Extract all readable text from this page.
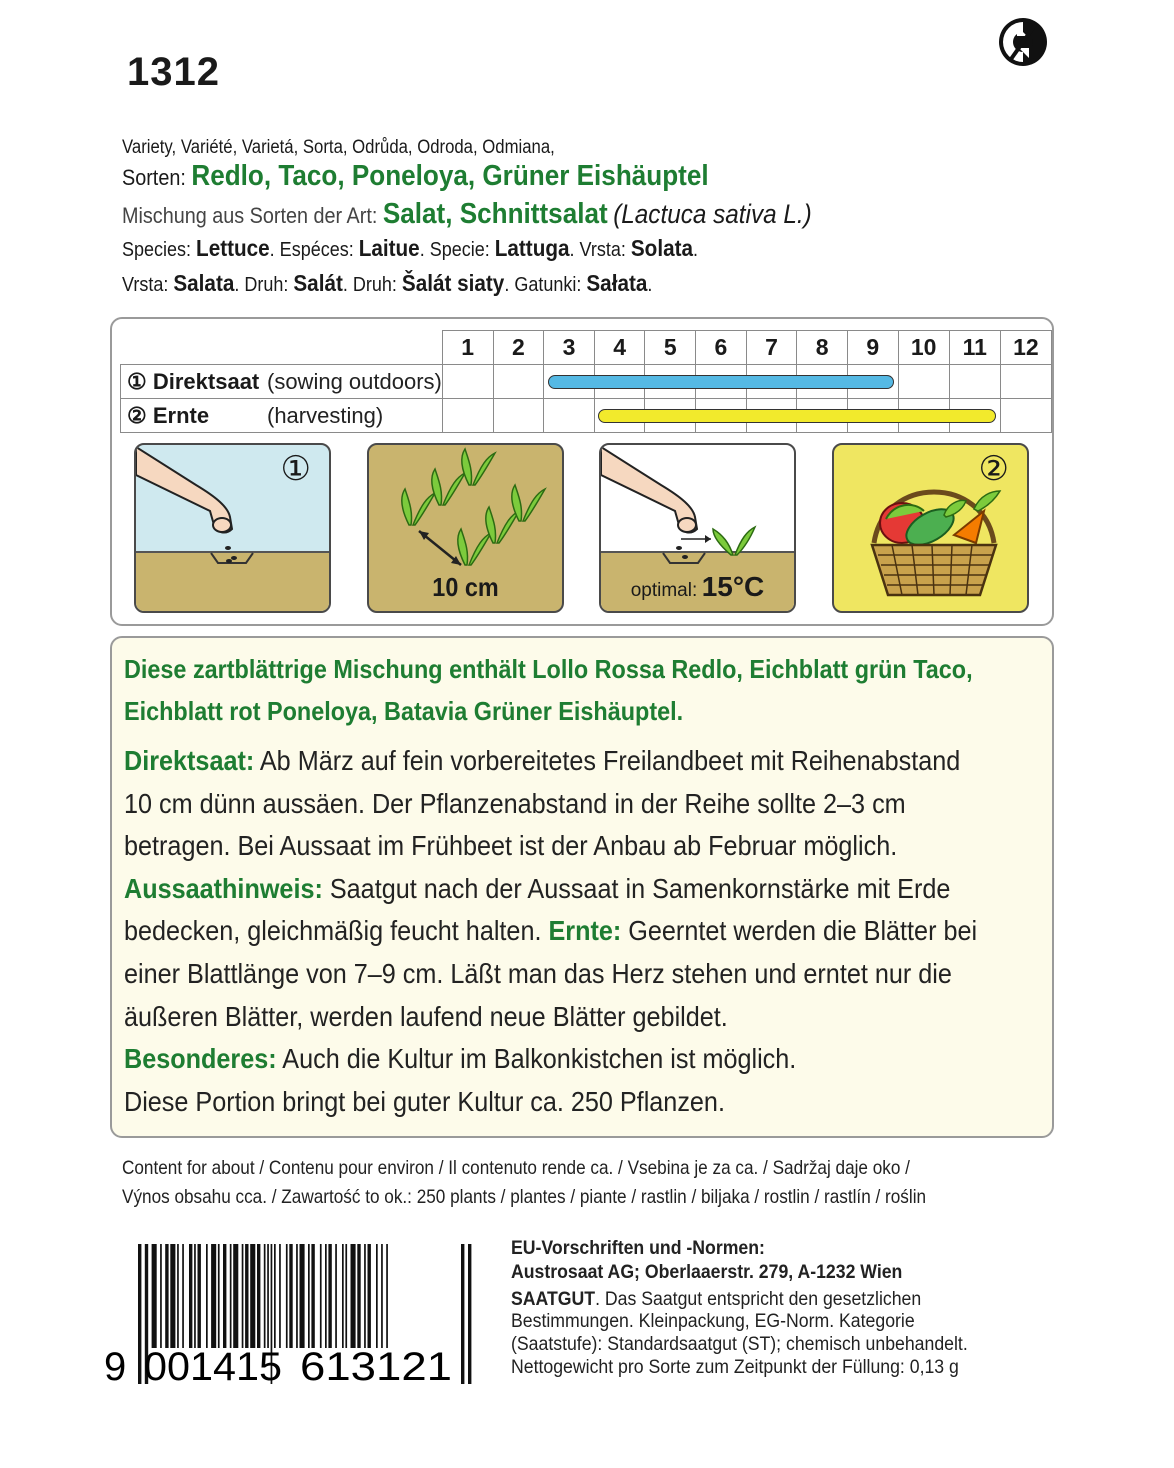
1312
Variety, Variété, Varietá, Sorta, Odrůda, Odroda, Odmiana,
Sorten: Redlo, Taco, Poneloya, Grüner Eishäuptel
Mischung aus Sorten der Art: Salat, Schnittsalat (Lactuca sativa L.)
Species: Lettuce. Espéces: Laitue. Specie: Lattuga. Vrsta: Solata.
Vrsta: Salata. Druh: Salát. Druh: Šalát siaty. Gatunki: Sałata.
	1	2	3	4	5	6	7	8	9	10	11	12
① Direktsaat (sowing outdoors)												
② Ernte (harvesting)												
①
10 cm	optimal: 15°C
②
Diese zartblättrige Mischung enthält Lollo Rossa Redlo, Eichblatt grün Taco,
Eichblatt rot Poneloya, Batavia Grüner Eishäuptel.
Direktsaat: Ab März auf fein vorbereitetes Freilandbeet mit Reihenabstand
10 cm dünn aussäen. Der Pflanzenabstand in der Reihe sollte 2–3 cm
betragen. Bei Aussaat im Frühbeet ist der Anbau ab Februar möglich.
Aussaathinweis: Saatgut nach der Aussaat in Samenkornstärke mit Erde
bedecken, gleichmäßig feucht halten. Ernte: Geerntet werden die Blätter bei
einer Blattlänge von 7–9 cm. Läßt man das Herz stehen und erntet nur die
äußeren Blätter, werden laufend neue Blätter gebildet.
Besonderes: Auch die Kultur im Balkonkistchen ist möglich.
Diese Portion bringt bei guter Kultur ca. 250 Pflanzen.
Content for about / Contenu pour environ / Il contenuto rende ca. / Vsebina je za ca. / Sadržaj daje oko /
Výnos obsahu cca. / Zawartość to ok.: 250 plants / plantes / piante / rastlin / biljaka / rostlin / rastlín / roślin
9 001415 613121
EU-Vorschriften und -Normen:
Austrosaat AG; Oberlaaerstr. 279, A-1232 Wien
SAATGUT. Das Saatgut entspricht den gesetzlichen
Bestimmungen. Kleinpackung, EG-Norm. Kategorie
(Saatstufe): Standardsaatgut (ST); chemisch unbehandelt.
Nettogewicht pro Sorte zum Zeitpunkt der Füllung: 0,13 g
